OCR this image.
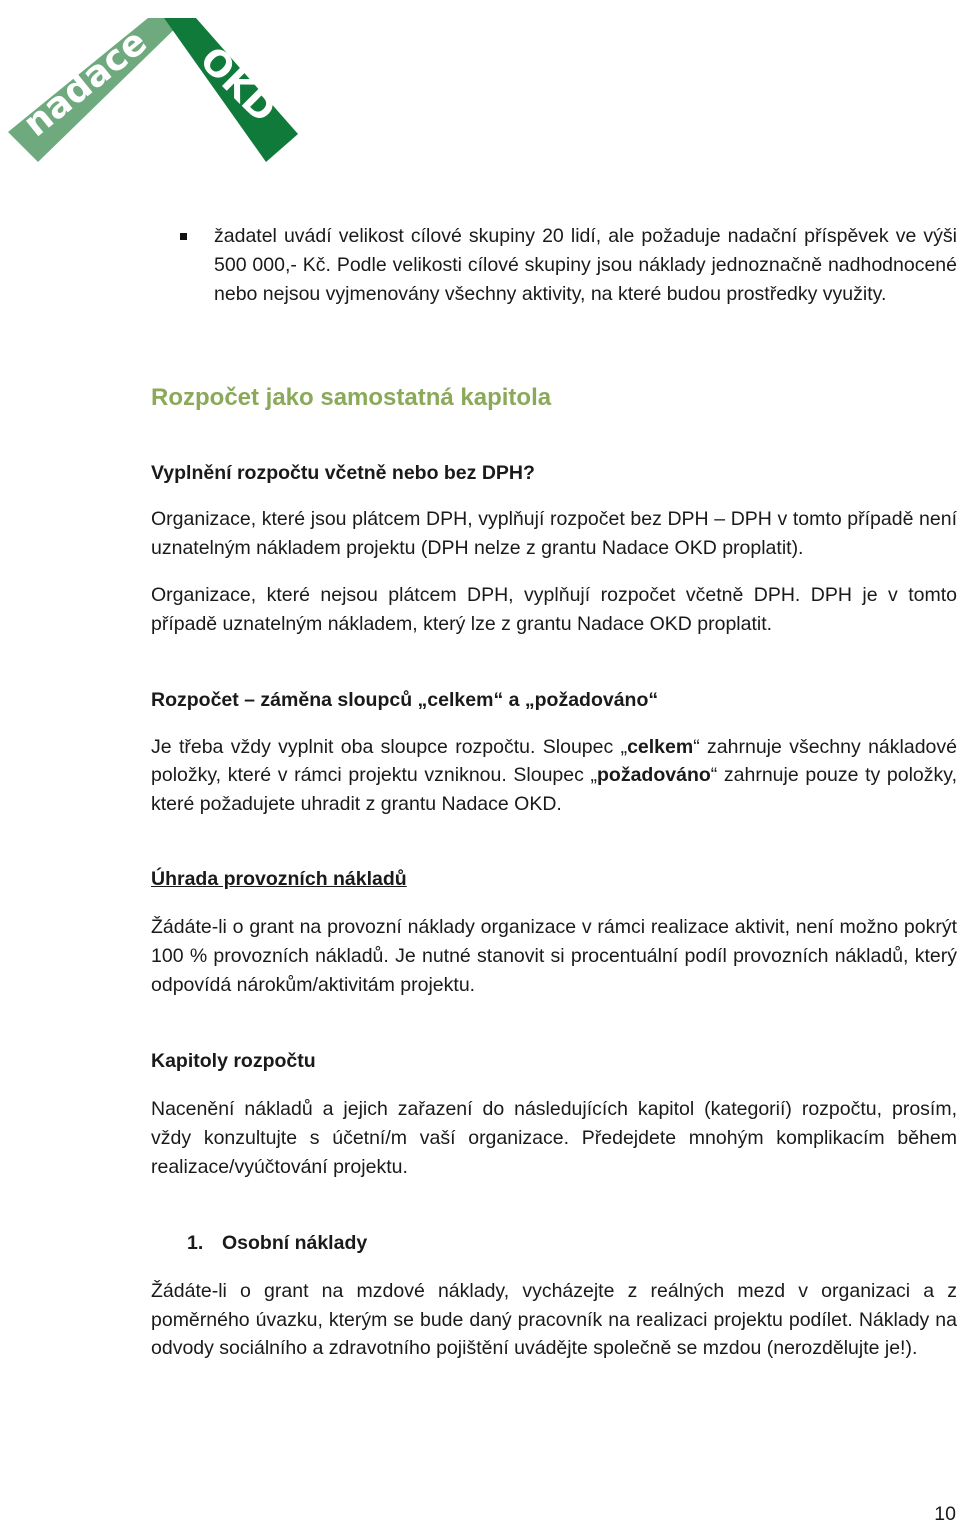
nadace OKD

žadatel uvádí velikost cílové skupiny 20 lidí, ale požaduje nadační příspěvek ve výši 500 000,- Kč. Podle velikosti cílové skupiny jsou náklady jednoznačně nadhodnocené nebo nejsou vyjmenovány všechny aktivity, na které budou prostředky využity.

Rozpočet jako samostatná kapitola
Vyplnění rozpočtu včetně nebo bez DPH?

Organizace, které jsou plátcem DPH, vyplňují rozpočet bez DPH – DPH v tomto případě není uznatelným nákladem projektu (DPH nelze z grantu Nadace OKD proplatit).

Organizace, které nejsou plátcem DPH, vyplňují rozpočet včetně DPH. DPH je v tomto případě uznatelným nákladem, který lze z grantu Nadace OKD proplatit.

Rozpočet – záměna sloupců „celkem“ a „požadováno“

Je třeba vždy vyplnit oba sloupce rozpočtu. Sloupec „celkem“ zahrnuje všechny nákladové položky, které v rámci projektu vzniknou. Sloupec „požadováno“ zahrnuje pouze ty položky, které požadujete uhradit z grantu Nadace OKD.

Úhrada provozních nákladů

Žádáte-li o grant na provozní náklady organizace v rámci realizace aktivit, není možno pokrýt 100 % provozních nákladů. Je nutné stanovit si procentuální podíl provozních nákladů, který odpovídá nárokům/aktivitám projektu.

Kapitoly rozpočtu

Nacenění nákladů a jejich zařazení do následujících kapitol (kategorií) rozpočtu, prosím, vždy konzultujte s účetní/m vaší organizace. Předejdete mnohým komplikacím během realizace/vyúčtování projektu.

1. Osobní náklady

Žádáte-li o grant na mzdové náklady, vycházejte z reálných mezd v organizaci a z poměrného úvazku, kterým se bude daný pracovník na realizaci projektu podílet. Náklady na odvody sociálního a zdravotního pojištění uvádějte společně se mzdou (nerozdělujte je!).

10
